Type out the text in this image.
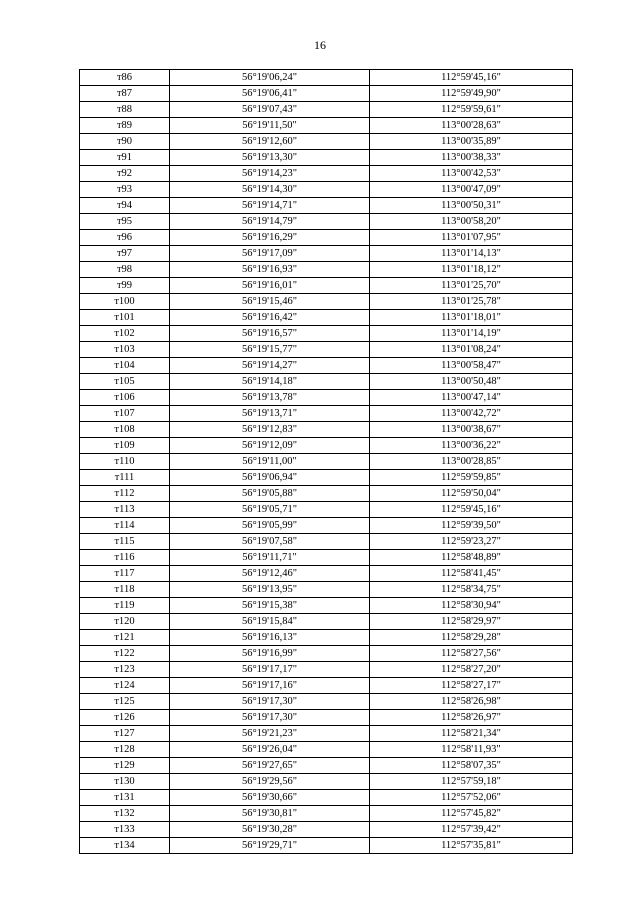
16
т86	56°19'06,24"	112°59'45,16"
т87	56°19'06,41"	112°59'49,90"
т88	56°19'07,43"	112°59'59,61"
т89	56°19'11,50"	113°00'28,63"
т90	56°19'12,60"	113°00'35,89"
т91	56°19'13,30"	113°00'38,33"
т92	56°19'14,23"	113°00'42,53"
т93	56°19'14,30"	113°00'47,09"
т94	56°19'14,71"	113°00'50,31"
т95	56°19'14,79"	113°00'58,20"
т96	56°19'16,29"	113°01'07,95"
т97	56°19'17,09"	113°01'14,13"
т98	56°19'16,93"	113°01'18,12"
т99	56°19'16,01"	113°01'25,70"
т100	56°19'15,46"	113°01'25,78"
т101	56°19'16,42"	113°01'18,01"
т102	56°19'16,57"	113°01'14,19"
т103	56°19'15,77"	113°01'08,24"
т104	56°19'14,27"	113°00'58,47"
т105	56°19'14,18"	113°00'50,48"
т106	56°19'13,78"	113°00'47,14"
т107	56°19'13,71"	113°00'42,72"
т108	56°19'12,83"	113°00'38,67"
т109	56°19'12,09"	113°00'36,22"
т110	56°19'11,00"	113°00'28,85"
т111	56°19'06,94"	112°59'59,85"
т112	56°19'05,88"	112°59'50,04"
т113	56°19'05,71"	112°59'45,16"
т114	56°19'05,99"	112°59'39,50"
т115	56°19'07,58"	112°59'23,27"
т116	56°19'11,71"	112°58'48,89"
т117	56°19'12,46"	112°58'41,45"
т118	56°19'13,95"	112°58'34,75"
т119	56°19'15,38"	112°58'30,94"
т120	56°19'15,84"	112°58'29,97"
т121	56°19'16,13"	112°58'29,28"
т122	56°19'16,99"	112°58'27,56"
т123	56°19'17,17"	112°58'27,20"
т124	56°19'17,16"	112°58'27,17"
т125	56°19'17,30"	112°58'26,98"
т126	56°19'17,30"	112°58'26,97"
т127	56°19'21,23"	112°58'21,34"
т128	56°19'26,04"	112°58'11,93"
т129	56°19'27,65"	112°58'07,35"
т130	56°19'29,56"	112°57'59,18"
т131	56°19'30,66"	112°57'52,06"
т132	56°19'30,81"	112°57'45,82"
т133	56°19'30,28"	112°57'39,42"
т134	56°19'29,71"	112°57'35,81"
